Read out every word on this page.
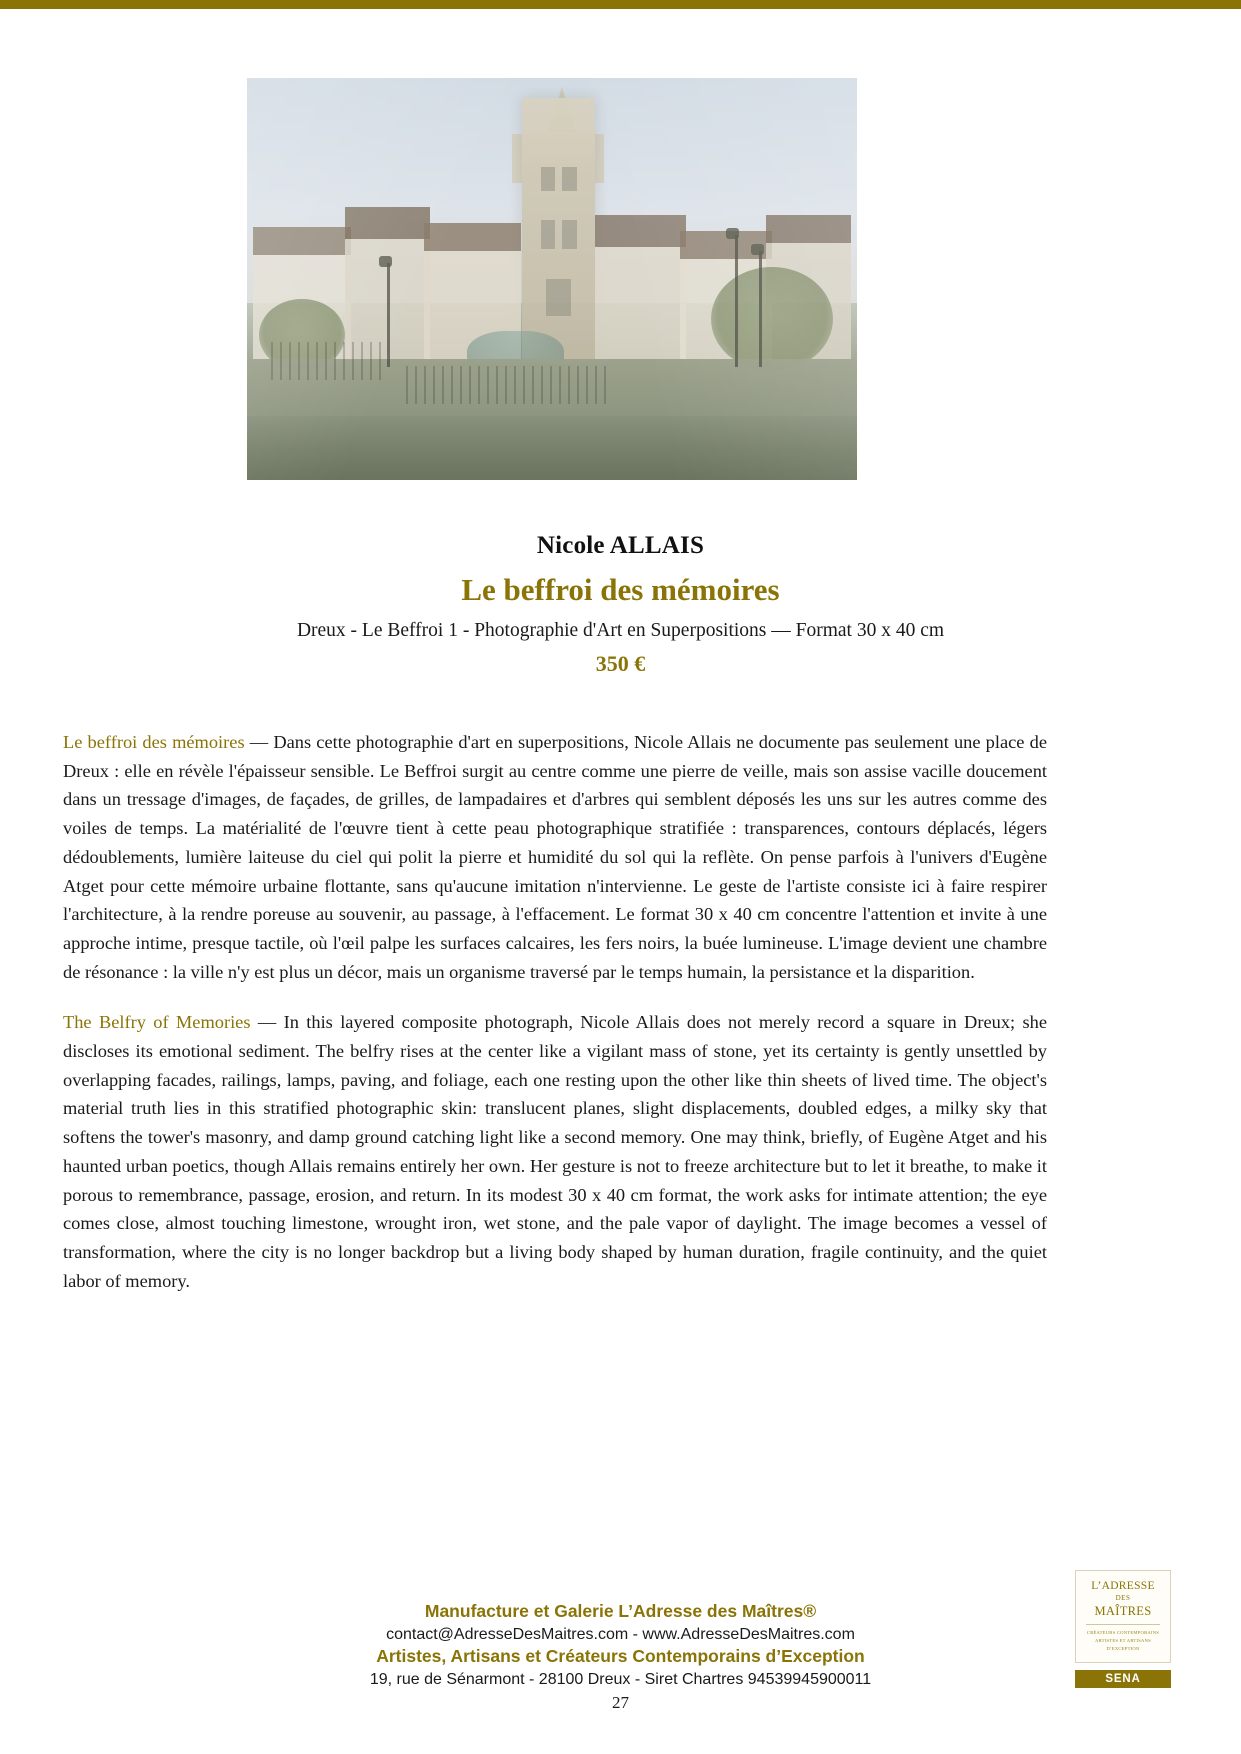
Nicole ALLAIS
Le beffroi des mémoires
Dreux - Le Beffroi 1 - Photographie d'Art en Superpositions — Format 30 x 40 cm
350 €

Le beffroi des mémoires — Dans cette photographie d'art en superpositions, Nicole Allais ne documente pas seulement une place de Dreux : elle en révèle l'épaisseur sensible. Le Beffroi surgit au centre comme une pierre de veille, mais son assise vacille doucement dans un tressage d'images, de façades, de grilles, de lampadaires et d'arbres qui semblent déposés les uns sur les autres comme des voiles de temps. La matérialité de l'œuvre tient à cette peau photographique stratifiée : transparences, contours déplacés, légers dédoublements, lumière laiteuse du ciel qui polit la pierre et humidité du sol qui la reflète. On pense parfois à l'univers d'Eugène Atget pour cette mémoire urbaine flottante, sans qu'aucune imitation n'intervienne. Le geste de l'artiste consiste ici à faire respirer l'architecture, à la rendre poreuse au souvenir, au passage, à l'effacement. Le format 30 x 40 cm concentre l'attention et invite à une approche intime, presque tactile, où l'œil palpe les surfaces calcaires, les fers noirs, la buée lumineuse. L'image devient une chambre de résonance : la ville n'y est plus un décor, mais un organisme traversé par le temps humain, la persistance et la disparition.

The Belfry of Memories — In this layered composite photograph, Nicole Allais does not merely record a square in Dreux; she discloses its emotional sediment. The belfry rises at the center like a vigilant mass of stone, yet its certainty is gently unsettled by overlapping facades, railings, lamps, paving, and foliage, each one resting upon the other like thin sheets of lived time. The object's material truth lies in this stratified photographic skin: translucent planes, slight displacements, doubled edges, a milky sky that softens the tower's masonry, and damp ground catching light like a second memory. One may think, briefly, of Eugène Atget and his haunted urban poetics, though Allais remains entirely her own. Her gesture is not to freeze architecture but to let it breathe, to make it porous to remembrance, passage, erosion, and return. In its modest 30 x 40 cm format, the work asks for intimate attention; the eye comes close, almost touching limestone, wrought iron, wet stone, and the pale vapor of daylight. The image becomes a vessel of transformation, where the city is no longer backdrop but a living body shaped by human duration, fragile continuity, and the quiet labor of memory.

Manufacture et Galerie L’Adresse des Maîtres®
contact@AdresseDesMaitres.com - www.AdresseDesMaitres.com
Artistes, Artisans et Créateurs Contemporains d’Exception
19, rue de Sénarmont - 28100 Dreux - Siret Chartres 94539945900011
27
L’ADRESSE
DES
MAÎTRES
CRÉATEURS CONTEMPORAINS
ARTISTES ET ARTISANS
D’EXCEPTION
SENA
